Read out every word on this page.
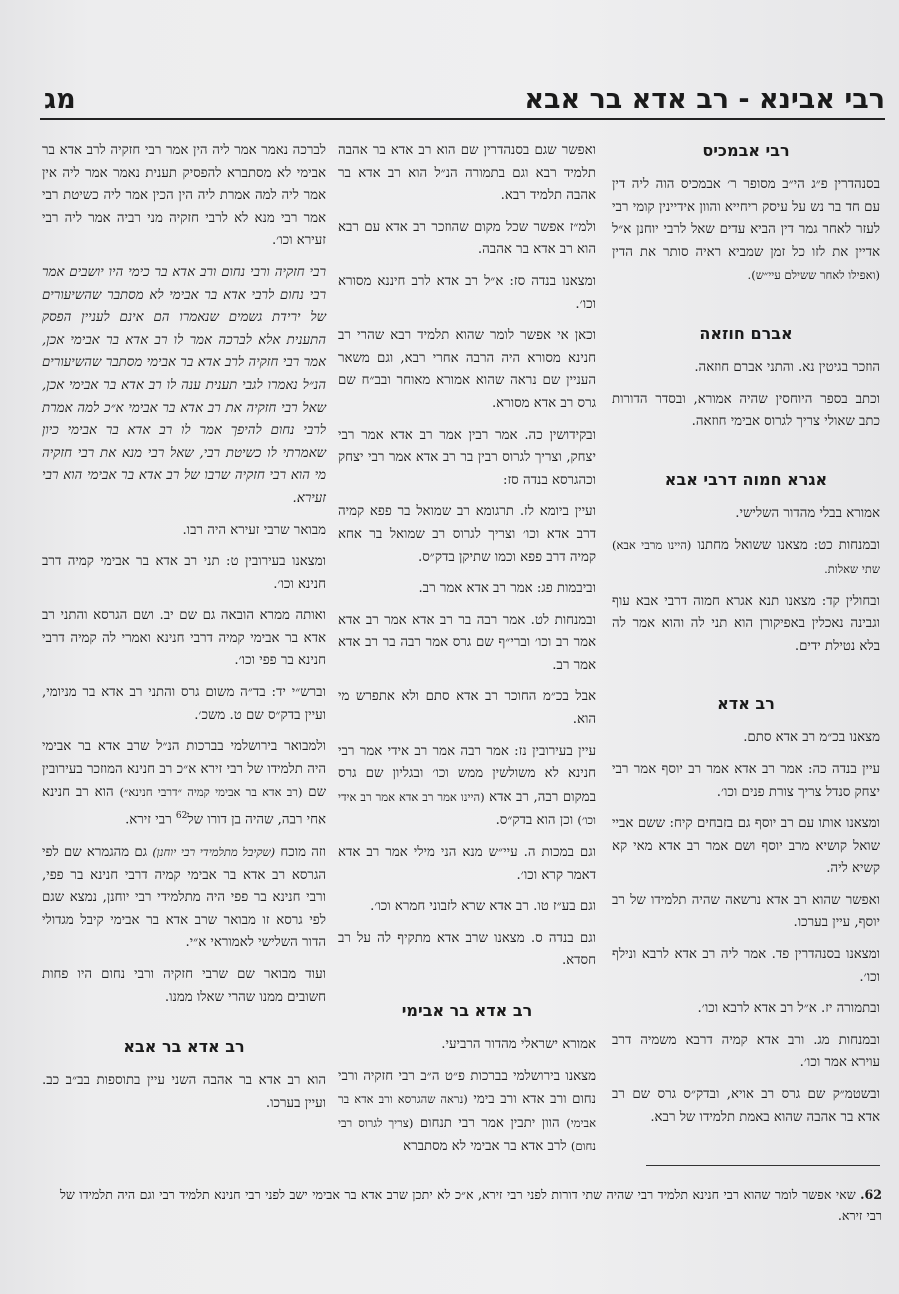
רבי אבינא - רב אדא בר אבא
מג
רבי אבמכיס

בסנהדרין פ״ג הי״ב מסופר ר׳ אבמכיס הוה ליה דין עם חד בר נש על עיסק ריחייא והוון אידיינין קומי רבי לעזר לאחר גמר דין הביא עדים שאל לרבי יוחנן א״ל אדיין את לזו כל זמן שמביא ראיה סותר את הדין (ואפילו לאחר ששילם עיי״ש).

אברם חוזאה

הוזכר בגיטין נא. והתני אברם חוזאה.

וכתב בספר היוחסין שהיה אמורא, ובסדר הדורות כתב שאולי צריך לגרוס אבימי חוזאה.

אגרא חמוה דרבי אבא

אמורא בבלי מהדור השלישי.

ובמנחות כט: מצאנו ששואל מחתנו (היינו מרבי אבא) שתי שאלות.

ובחולין קד: מצאנו תנא אגרא חמוה דרבי אבא עוף וגבינה נאכלין באפיקורן הוא תני לה והוא אמר לה בלא נטילת ידים.

רב אדא

מצאנו בכ״מ רב אדא סתם.

עיין בנדה כה: אמר רב אדא אמר רב יוסף אמר רבי יצחק סנדל צריך צורת פנים וכו׳.

ומצאנו אותו עם רב יוסף גם בזבחים קיח: ששם אביי שואל קושיא מרב יוסף ושם אמר רב אדא מאי קא קשיא ליה.

ואפשר שהוא רב אדא נרשאה שהיה תלמידו של רב יוסף, עיין בערכו.

ומצאנו בסנהדרין פד. אמר ליה רב אדא לרבא ונילף וכו׳.

ובתמורה יז. א״ל רב אדא לרבא וכו׳.

ובמנחות מג. ורב אדא קמיה דרבא משמיה דרב עוירא אמר וכו׳.

ובשטמ״ק שם גרס רב אויא, ובדק״ס גרס שם רב אדא בר אהבה שהוא באמת תלמידו של רבא.

ואפשר שגם בסנהדרין שם הוא רב אדא בר אהבה תלמיד רבא וגם בתמורה הנ״ל הוא רב אדא בר אהבה תלמיד רבא.

ולמ״ז אפשר שכל מקום שהוזכר רב אדא עם רבא הוא רב אדא בר אהבה.

ומצאנו בנדה סז: א״ל רב אדא לרב חיננא מסורא וכו׳.

וכאן אי אפשר לומר שהוא תלמיד רבא שהרי רב חנינא מסורא היה הרבה אחרי רבא, וגם משאר העניין שם נראה שהוא אמורא מאוחר ובב״ח שם גרס רב אדא מסורא.

ובקידושין כה. אמר רבין אמר רב אדא אמר רבי יצחק, וצריך לגרוס רבין בר רב אדא אמר רבי יצחק וכהגרסא בנדה סז:

ועיין ביומא לז. תרגומא רב שמואל בר פפא קמיה דרב אדא וכו׳ וצריך לגרוס רב שמואל בר אחא קמיה דרב פפא וכמו שתיקן בדק״ס.

וביבמות פג: אמר רב אדא אמר רב.

ובמנחות לט. אמר רבה בר רב אדא אמר רב אדא אמר רב וכו׳ וברי״ף שם גרס אמר רבה בר רב אדא אמר רב.

אבל בכ״מ החוכר רב אדא סתם ולא אתפרש מי הוא.

עיין בעירובין נז: אמר רבה אמר רב אידי אמר רבי חנינא לא משולשין ממש וכו׳ ובגליון שם גרס במקום רבה, רב אדא (היינו אמר רב אדא אמר רב אידי וכו׳) וכן הוא בדק״ס.

וגם במכות ה. עיי״ש מנא הני מילי אמר רב אדא דאמר קרא וכו׳.

וגם בע״ז טו. רב אדא שרא לזבוני חמרא וכו׳.

וגם בנדה ס. מצאנו שרב אדא מתקיף לה על רב חסדא.

רב אדא בר אבימי

אמורא ישראלי מהדור הרביעי.

מצאנו בירושלמי בברכות פ״ט ה״ב רבי חזקיה ורבי נחום ורב אדא ורב בימי (נראה שהגרסא ורב אדא בר אבימי) הוון יתבין אמר רבי תנחום (צריך לגרוס רבי נחום) לרב אדא בר אבימי לא מסתברא

לברכה נאמר אמר ליה הין אמר רבי חזקיה לרב אדא בר אבימי לא מסתברא להפסיק תענית נאמר אמר ליה אין אמר ליה למה אמרת ליה הין הכין אמר ליה כשיטת רבי אמר רבי מנא לא לרבי חזקיה מני רביה אמר ליה רבי זעירא וכו׳.

רבי חזקיה ורבי נחום ורב אדא בר כימי היו יושבים אמר רבי נחום לרבי אדא בר אבימי לא מסתבר שהשיעורים של ירידת גשמים שנאמרו הם אינם לעניין הפסק התענית אלא לברכה אמר לו רב אדא בר אבימי אכן, אמר רבי חזקיה לרב אדא בר אבימי מסתבר שהשיעורים הנ״ל נאמרו לגבי תענית ענה לו רב אדא בר אבימי אכן, שאל רבי חזקיה את רב אדא בר אבימי א״כ למה אמרת לרבי נחום להיפך אמר לו רב אדא בר אבימי כיון שאמרתי לו כשיטת רבי, שאל רבי מנא את רבי חזקיה מי הוא רבי חזקיה שרבו של רב אדא בר אבימי הוא רבי זעירא.

מבואר שרבי זעירא היה רבו.

ומצאנו בעירובין ט: תני רב אדא בר אבימי קמיה דרב חנינא וכו׳.

ואותה ממרא הובאה גם שם יב. ושם הגרסא והתני רב אדא בר אבימי קמיה דרבי חנינא ואמרי לה קמיה דרבי חנינא בר פפי וכו׳.

וברש״י יד: בד״ה משום גרס והתני רב אדא בר מניומי, ועיין בדק״ס שם ט. משכ׳.

ולמבואר בירושלמי בברכות הנ״ל שרב אדא בר אבימי היה תלמידו של רבי זירא א״כ רב חנינא המוזכר בעירובין שם (רב אדא בר אבימי קמיה ״דרבי חנינא״) הוא רב חנינא אחי רבה, שהיה בן דורו של$^{62}$ רבי זירא.

וזה מוכח (שקיבל מתלמידי רבי יוחנן) גם מהגמרא שם לפי הגרסא רב אדא בר אבימי קמיה דרבי חנינא בר פפי, ורבי חנינא בר פפי היה מתלמידי רבי יוחנן, נמצא שגם לפי גרסא זו מבואר שרב אדא בר אבימי קיבל מגדולי הדור השלישי לאמוראי א״י.

ועוד מבואר שם שרבי חזקיה ורבי נחום היו פחות חשובים ממנו שהרי שאלו ממנו.

רב אדא בר אבא

הוא רב אדא בר אהבה השני עיין בתוספות בב״ב כב. ועיין בערכו.

62. שאי אפשר לומר שהוא רבי חנינא תלמיד רבי שהיה שתי דורות לפני רבי זירא, א״כ לא יתכן שרב אדא בר אבימי ישב לפני רבי חנינא תלמיד רבי וגם היה תלמידו של רבי זירא.
